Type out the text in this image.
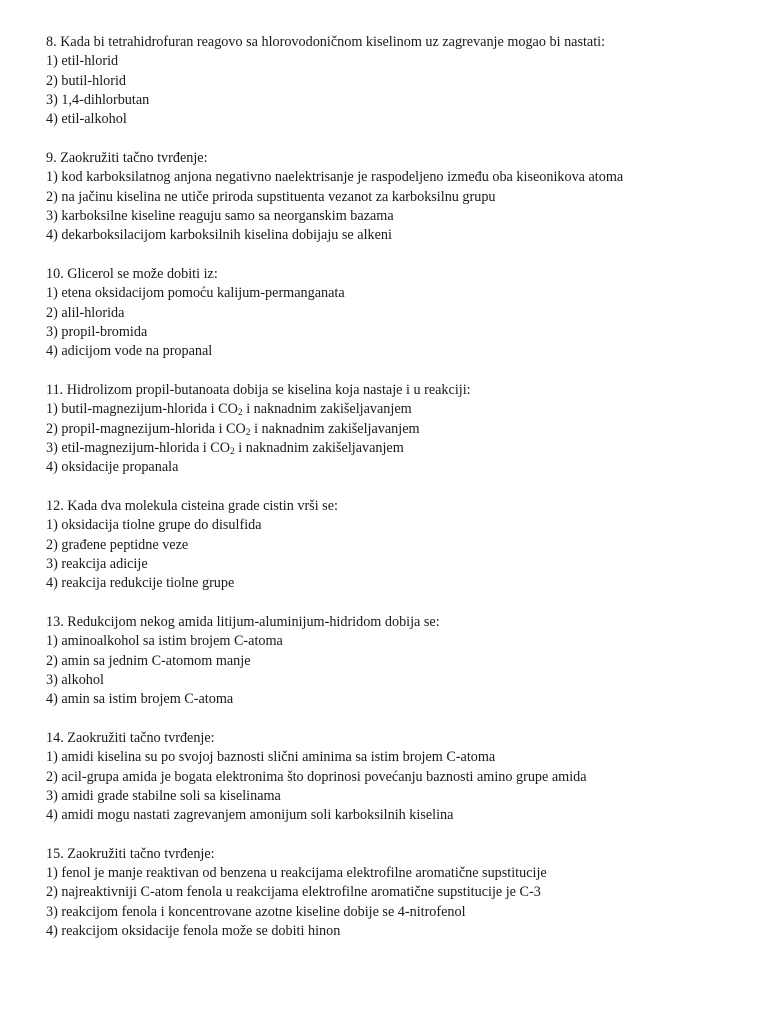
8. Kada bi tetrahidrofuran reagovo sa hlorovodoničnom kiselinom uz zagrevanje mogao bi nastati:
1) etil-hlorid
2) butil-hlorid
3) 1,4-dihlorbutan
4) etil-alkohol
9. Zaokružiti tačno tvrđenje:
1) kod karboksilatnog anjona negativno naelektrisanje je raspodeljeno između oba kiseonikova atoma
2) na jačinu kiselina ne utiče priroda supstituenta vezanot za karboksilnu grupu
3) karboksilne kiseline reaguju samo sa neorganskim bazama
4) dekarboksilacijom karboksilnih kiselina dobijaju se alkeni
10. Glicerol se može dobiti iz:
1) etena oksidacijom pomoću kalijum-permanganata
2) alil-hlorida
3) propil-bromida
4) adicijom vode na propanal
11. Hidrolizom propil-butanoata dobija se kiselina koja nastaje i u reakciji:
1) butil-magnezijum-hlorida i $CO_2$ i naknadnim zakišeljavanjem
2) propil-magnezijum-hlorida i $CO_2$ i naknadnim zakišeljavanjem
3) etil-magnezijum-hlorida i $CO_2$ i naknadnim zakišeljavanjem
4) oksidacije propanala
12. Kada dva molekula cisteina grade cistin vrši se:
1) oksidacija tiolne grupe do disulfida
2) građene peptidne veze
3) reakcija adicije
4) reakcija redukcije tiolne grupe
13. Redukcijom nekog amida litijum-aluminijum-hidridom dobija se:
1) aminoalkohol sa istim brojem C-atoma
2) amin sa jednim C-atomom manje
3) alkohol
4) amin sa istim brojem C-atoma
14. Zaokružiti tačno tvrđenje:
1) amidi kiselina su po svojoj baznosti slični aminima sa istim brojem C-atoma
2) acil-grupa amida je bogata elektronima što doprinosi povećanju baznosti amino grupe amida
3) amidi grade stabilne soli sa kiselinama
4) amidi mogu nastati zagrevanjem amonijum soli karboksilnih kiselina
15. Zaokružiti tačno tvrđenje:
1) fenol je manje reaktivan od benzena u reakcijama elektrofilne aromatične supstitucije
2) najreaktivniji C-atom fenola u reakcijama elektrofilne aromatične supstitucije je C-3
3) reakcijom fenola i koncentrovane azotne kiseline dobije se 4-nitrofenol
4) reakcijom oksidacije fenola može se dobiti hinon
